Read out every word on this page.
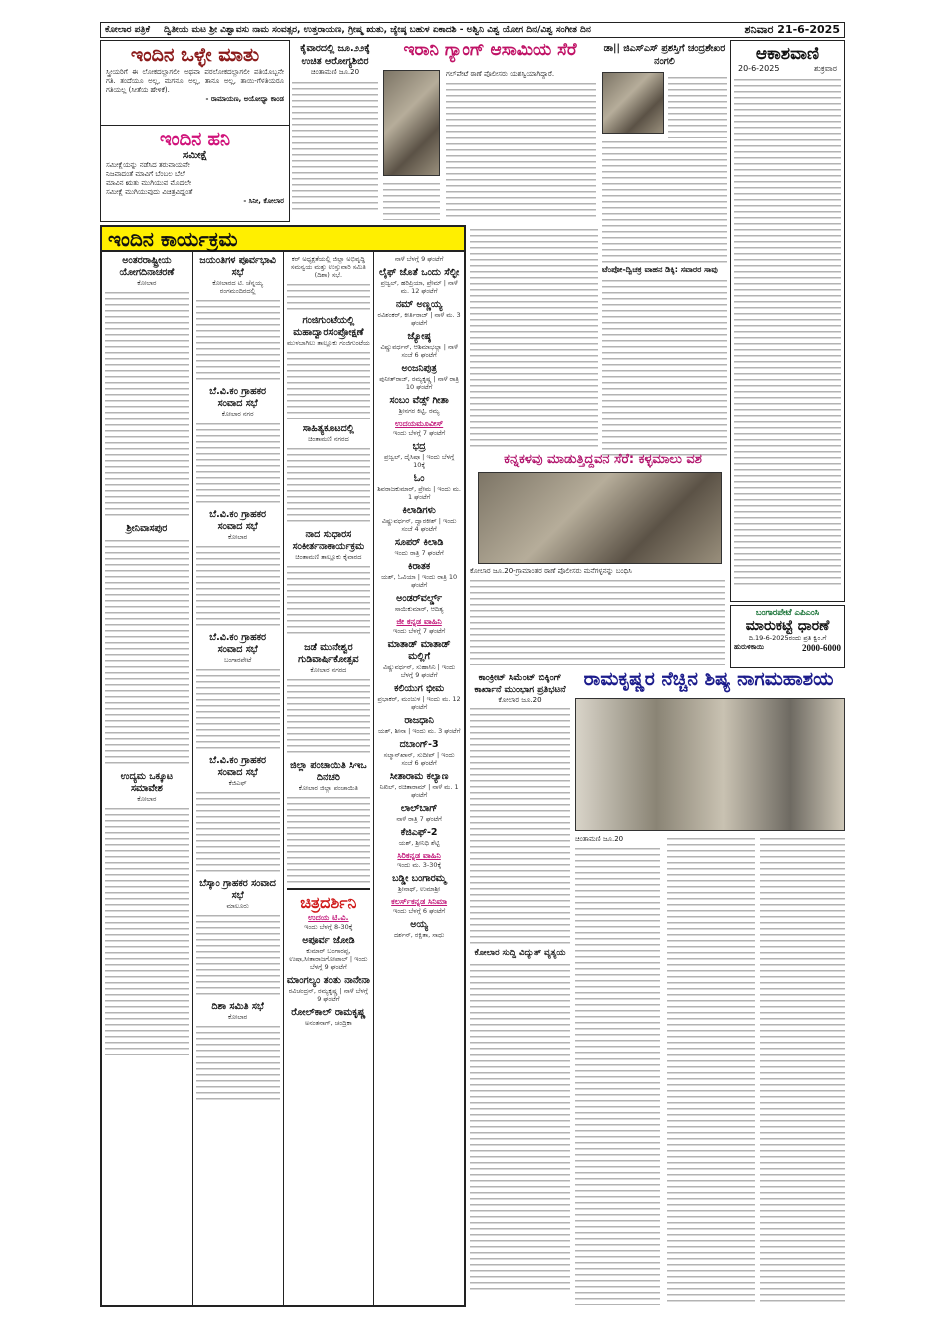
ಕೋಲಾರ ಪತ್ರಿಕೆ ದ್ವಿತೀಯ ಮಟ ಶ್ರೀ ವಿಶ್ವಾವಸು ನಾಮ ಸಂವತ್ಸರ, ಉತ್ತರಾಯಣ, ಗ್ರೀಷ್ಮ ಋತು, ಜ್ಯೇಷ್ಠ ಬಹುಳ ಏಕಾದಶಿ - ಅಶ್ವಿನಿ ವಿಶ್ವ ಯೋಗ ದಿನ/ವಿಶ್ವ ಸಂಗೀತ ದಿನ	ಶನಿವಾರ 21-6-2025
ಇಂದಿನ ಒಳ್ಳೇ ಮಾತು
ಸ್ತ್ರೀಯರಿಗೆ ಈ ಲೋಕದಲ್ಲಾಗಲೀ ಅಥವಾ ಪರಲೋಕದಲ್ಲಾಗಲೀ ಪತಿಯೊಬ್ಬನೇ ಗತಿ. ತಂದೆಯೂ ಅಲ್ಲ, ಮಗನೂ ಅಲ್ಲ, ತಾನೂ ಅಲ್ಲ, ತಾಯಿ-ಗೆಳತಿಯರೂ ಗತಿಯಲ್ಲ (ಸೀತೆಯ ಹೇಳಿಕೆ).
- ರಾಮಾಯಣ, ಅಯೋಧ್ಯಾ ಕಾಂಡ
ಇಂದಿನ ಹನಿ
ಸಮೀಕ್ಷೆ
ಸಮೀಕ್ಷೆಯನ್ನು ನಡೆಸಿದ ತರುವಾಯವೇ
ನಿಜವಾದಂತೆ ಮಾವಿಗೆ ಬೆಂಬಲ ಬೆಲೆ
ಮಾವಿನ ಋತು ಮುಗಿಯುವ ಮೊದಲೇ
ಸಮೀಕ್ಷೆ ಮುಗಿಯುವುದು ವಿಚಿತ್ರವಿದ್ದಂತೆ
- ಸಿನೀ, ಕೋಲಾರ
ಕೈವಾರದಲ್ಲಿ ಜೂ.೨೨ಕ್ಕೆ ಉಚಿತ ಆರೋಗ್ಯಶಿಬಿರ
ಚಿಂತಾಮಣಿ ಜೂ.20
ಇರಾನಿ ಗ್ಯಾಂಗ್ ಆಸಾಮಿಯ ಸೆರೆ
ಗಲ್‌ಪೇಟೆ ಠಾಣೆ ಪೊಲೀಸರು ಯಶಸ್ವಿಯಾಗಿದ್ದಾರೆ.
ಡಾ|| ಜಿಎಸ್‌ಎಸ್ ಪ್ರಶಸ್ತಿಗೆ ಚಂದ್ರಶೇಖರ ನಂಗಲಿ
ಟೆಂಪೋ-ದ್ವಿಚಕ್ರ ವಾಹನ ಡಿಕ್ಕಿ: ಸವಾರರ ಸಾವು
ಆಕಾಶವಾಣಿ
20-6-2025	ಶುಕ್ರವಾರ
ಇಂದಿನ ಕಾರ್ಯಕ್ರಮ
ಅಂತರರಾಷ್ಟ್ರೀಯ ಯೋಗದಿನಾಚರಣೆ
ಕೋಲಾರ
ಶ್ರೀನಿವಾಸಪುರ
ಉದ್ಯಮ ಒಕ್ಕೂಟ ಸಮಾವೇಶ
ಕೋಲಾರ
ಜಯಂತಿಗಳ ಪೂರ್ವಭಾವಿ ಸಭೆ
ಕೋಲಾರದ ಟಿ. ಚೆನ್ನಯ್ಯ ರಂಗಮಂದಿರದಲ್ಲಿ
ಬೆ.ವಿ.ಕಂ ಗ್ರಾಹಕರ ಸಂವಾದ ಸಭೆ
ಕೋಲಾರ ನಗರ
ಬೆ.ವಿ.ಕಂ ಗ್ರಾಹಕರ ಸಂವಾದ ಸಭೆ
ಕೋಲಾರ
ಬೆ.ವಿ.ಕಂ ಗ್ರಾಹಕರ ಸಂವಾದ ಸಭೆ
ಬಂಗಾರಪೇಟೆ
ಬೆ.ವಿ.ಕಂ ಗ್ರಾಹಕರ ಸಂವಾದ ಸಭೆ
ಕೆಜಿಎಫ್
ಬೆಸ್ಕಾಂ ಗ್ರಾಹಕರ ಸಂವಾದ ಸಭೆ
ಮಾಲೂರು
ದಿಶಾ ಸಮಿತಿ ಸಭೆ
ಕೋಲಾರ
ಕರ್ ಅಧ್ಯಕ್ಷತೆಯಲ್ಲಿ ಜಿಲ್ಲಾ ಅಭಿವೃದ್ಧಿ ಸಮನ್ವಯ ಮತ್ತು ಉಸ್ತುವಾರಿ ಸಮಿತಿ (ದಿಶಾ) ಸಭೆ.
ಗಂಜಿಗುಂಟೆಯಲ್ಲಿ ಮಹಾದ್ವಾರಸಂಪ್ರೋಕ್ಷಣೆ
ಮುಳಬಾಗಿಲು ತಾಲ್ಲೂಕು ಗಂಜಿಗುಂಟೆಯ
ಸಾಹಿತ್ಯಕೂಟದಲ್ಲಿ
ಚಿಂತಾಮಣಿ ನಗರದ
ನಾದ ಸುಧಾರಸ ಸಂಕೀರ್ತನಾಕಾರ್ಯಕ್ರಮ
ಚಿಂತಾಮಣಿ ತಾಲ್ಲೂಕು ಕೈವಾರದ
ಜಡೆ ಮುನೇಶ್ವರ ಗುಡಿವಾರ್ಷಿಕೋತ್ಸವ
ಕೋಲಾರ ನಗರದ
ಜಿಲ್ಲಾ ಪಂಚಾಯಿತಿ ಸಿಇಒ ದಿನಚರಿ
ಕೋಲಾರ ಜಿಲ್ಲಾ ಪಂಚಾಯಿತಿ
ಚಿತ್ರದರ್ಶಿನಿ
ಉದಯ ಟಿ.ವಿ.
ಇಂದು ಬೆಳಗ್ಗೆ 8-30ಕ್ಕೆ
ಅಪೂರ್ವ ಜೋಡಿ
ಕುಮಾರ್ ಬಂಗಾರಪ್ಪ, ಉಷಾ,ಸೀತಾರಾಜಗೋಪಾಲ್ | ಇಂದು ಬೆಳಗ್ಗೆ 9 ಘಂಟೆಗೆ
ಮಾಂಗಲ್ಯಂ ತಂತು ನಾನೇನಾ
ರವಿಚಂದ್ರನ್, ರಮ್ಯಕೃಷ್ಣ | ನಾಳೆ ಬೆಳಗ್ಗೆ 9 ಘಂಟೆಗೆ
ರೋಲ್‌ಕಾಲ್ ರಾಮಕೃಷ್ಣ
ಅನಂತನಾಗ್, ಚಂದ್ರಿಕಾ
ನಾಳೆ ಬೆಳಗ್ಗೆ 9 ಘಂಟೆಗೆ
ಲೈಫ್ ಜೊತೆ ಒಂದು ಸೆಲ್ಫೀ
ಪ್ರಜ್ವಲ್, ಹರಿಪ್ರಿಯಾ, ಪ್ರೇಮ್ | ನಾಳೆ ಮ. 12 ಘಂಟೆಗೆ
ನಮ್ ಅಣ್ಣಯ್ಯ
ರವಿಶಂಕರ್, ಕೀರ್ತಿರಾಜ್ | ನಾಳೆ ಮ. 3 ಘಂಟೆಗೆ
ಜ್ಯೋಷ್ಠ
ವಿಷ್ಣುವರ್ಧನ್, ಆಶಿಮಾಭಲ್ಲಾ | ನಾಳೆ ಸಂಜೆ 6 ಘಂಟೆಗೆ
ಅಂಜನಿಪುತ್ರ
ಪುನೀತ್‌ರಾಜ್, ರಮ್ಯಕೃಷ್ಣ | ನಾಳೆ ರಾತ್ರಿ 10 ಘಂಟೆಗೆ
ಸಂಬಂ ವೆಡ್ಸ್ ಗೀತಾ
ಶ್ರೀನಗರ ಕಿಟ್ಟಿ, ರಮ್ಯ
ಉದಯಮೂವೀಸ್
ಇಂದು ಬೆಳಗ್ಗೆ 7 ಘಂಟೆಗೆ
ಭದ್ರ
ಪ್ರಜ್ವಲ್, ದೈಸಿಷಾ | ಇಂದು ಬೆಳಗ್ಗೆ 10ಕ್ಕೆ
ಓಂ
ಶಿವರಾಜಕುಮಾರ್, ಪ್ರೇಮ | ಇಂದು ಮ. 1 ಘಂಟೆಗೆ
ಕಿಲಾಡಿಗಳು
ವಿಷ್ಣುವರ್ಧನ್, ದ್ವಾರಕೀಶ್ | ಇಂದು ಸಂಜೆ 4 ಘಂಟೆಗೆ
ಸೂಪರ್ ಕಿಲಾಡಿ
ಇಂದು ರಾತ್ರಿ 7 ಘಂಟೆಗೆ
ಕಿರಾತಕ
ಯಶ್, ಓವಿಯಾ | ಇಂದು ರಾತ್ರಿ 10 ಘಂಟೆಗೆ
ಅಂಡರ್‌ವರ್ಲ್ಡ್
ಸಾಯಿಕುಮಾರ್, ಆದಿತ್ಯ
ಜೀ ಕನ್ನಡ ವಾಹಿನಿ
ಇಂದು ಬೆಳಗ್ಗೆ 7 ಘಂಟೆಗೆ
ಮಾತಾಡ್ ಮಾತಾಡ್ ಮಲ್ಲಿಗೆ
ವಿಷ್ಣುವರ್ಧನ್, ಸುಹಾಸಿನಿ | ಇಂದು ಬೆಳಗ್ಗೆ 9 ಘಂಟೆಗೆ
ಕಲಿಯುಗ ಭೀಮ
ಪ್ರಭಾಕರ್, ಮಂಜುಳ | ಇಂದು ಮ. 12 ಘಂಟೆಗೆ
ರಾಜಧಾನಿ
ಯಶ್, ಶೀನಾ | ಇಂದು ಮ. 3 ಘಂಟೆಗೆ
ದಬಾಂಗ್-3
ಸಲ್ಮಾನ್‌ಖಾನ್, ಸುದೀಪ್ | ಇಂದು ಸಂಜೆ 6 ಘಂಟೆಗೆ
ಸೀತಾರಾಮ ಕಲ್ಯಾಣ
ನಿಖಿಲ್, ರಚಿತಾರಾಮ್ | ನಾಳೆ ಮ. 1 ಘಂಟೆಗೆ
ಲಾಲ್‌ಬಾಗ್
ನಾಳೆ ರಾತ್ರಿ 7 ಘಂಟೆಗೆ
ಕೆಜಿಎಫ್-2
ಯಶ್, ಶ್ರೀನಿಧಿ ಶೆಟ್ಟಿ
ಸಿರಿಕನ್ನಡ ವಾಹಿನಿ
ಇಂದು ಮ. 3-30ಕ್ಕೆ
ಬಡ್ಡೀ ಬಂಗಾರಮ್ಮ
ಶ್ರೀನಾಥ್, ಉಮಾಶ್ರೀ
ಕಲರ್ಸ್‌ಕನ್ನಡ ಸಿನಿಮಾ
ಇಂದು ಬೆಳಗ್ಗೆ 6 ಘಂಟೆಗೆ
ಅಯ್ಯ
ದರ್ಶನ್, ರಕ್ಷಿತಾ, ಸಾಧು
ಕನ್ನಕಳವು ಮಾಡುತ್ತಿದ್ದವನ ಸೆರೆ: ಕಳ್ಳಮಾಲು ವಶ
ಕೋಲಾರ ಜೂ.20-ಗ್ರಾಮಾಂತರ ಠಾಣೆ ಪೊಲೀಸರು ಮನೆಗಳ್ಳನನ್ನು ಬಂಧಿಸಿ
ಬಂಗಾರಪೇಟೆ ಎಪಿಎಂಸಿ
ಮಾರುಕಟ್ಟೆ ಧಾರಣೆ
ದಿ.19-6-2025ರಂದು ಪ್ರತಿ ಕ್ವಿಂ.ಗೆ
ಹುರುಳಿಕಾಯಿ	2000-6000
ಕಾಂಕ್ರೀಟ್ ಸಿಮೆಂಟ್ ಬಿಕ್ಕಿಂಗ್ ಕಾರ್ಖಾನೆ ಮುಂಭಾಗ ಪ್ರತಿಭಟನೆ
ಕೋಲಾರ ಜೂ.20
ಕೋಲಾರ ಸುದ್ದಿ ವಿದ್ಯುತ್ ವ್ಯತ್ಯಯ
ರಾಮಕೃಷ್ಣರ ನೆಚ್ಚಿನ ಶಿಷ್ಯ ನಾಗಮಹಾಶಯ
ಚಿಂತಾಮಣಿ ಜೂ.20
